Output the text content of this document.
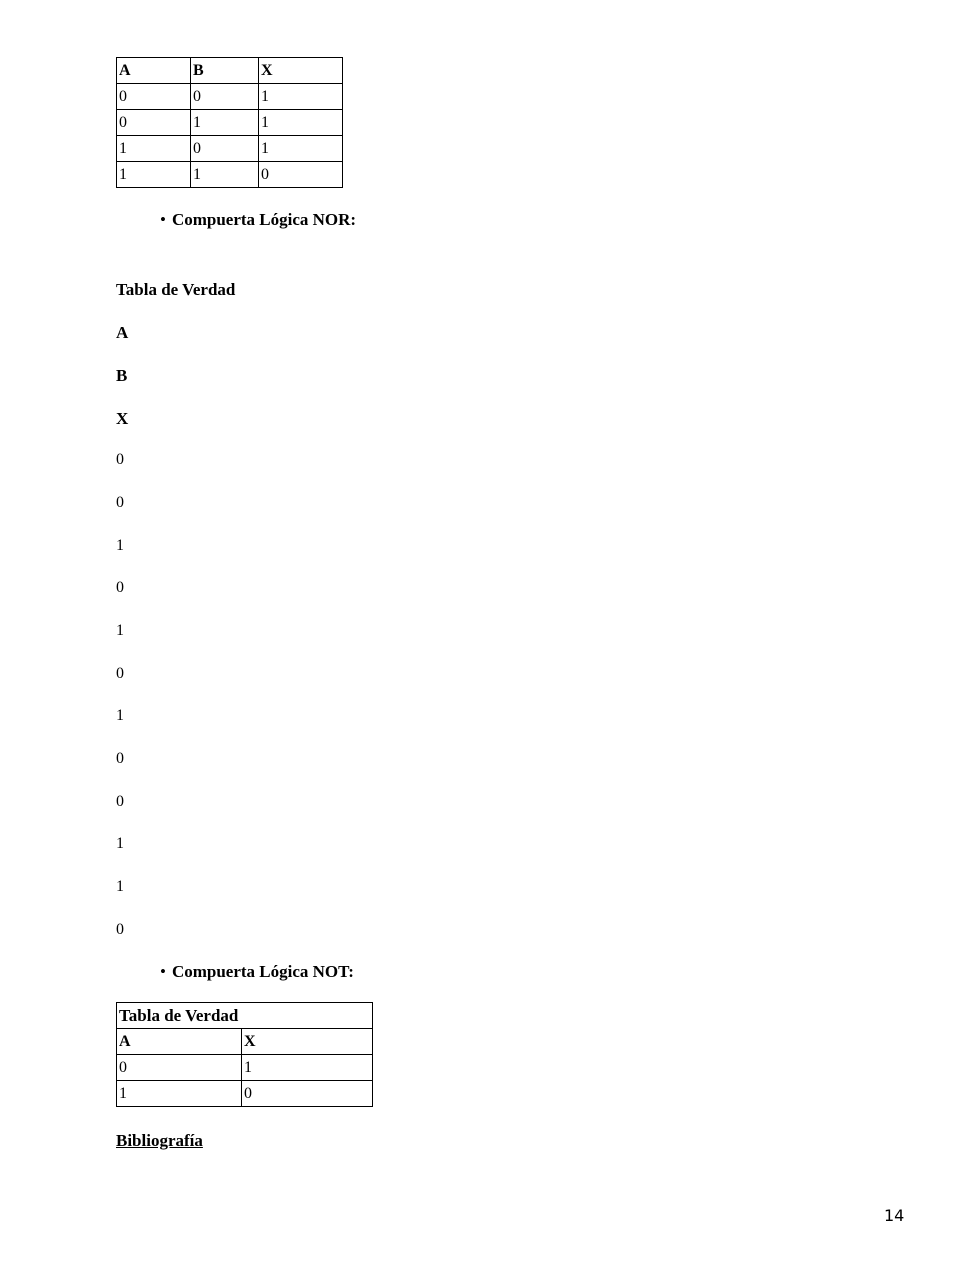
A	B	X
0	0	1
0	1	1
1	0	1
1	1	0
• Compuerta Lógica NOR:
Tabla de Verdad
A
B
X
0
0
1
0
1
0
1
0
0
1
1
0
• Compuerta Lógica NOT:
Tabla de Verdad	
A	X
0	1
1	0
Bibliografía
14
